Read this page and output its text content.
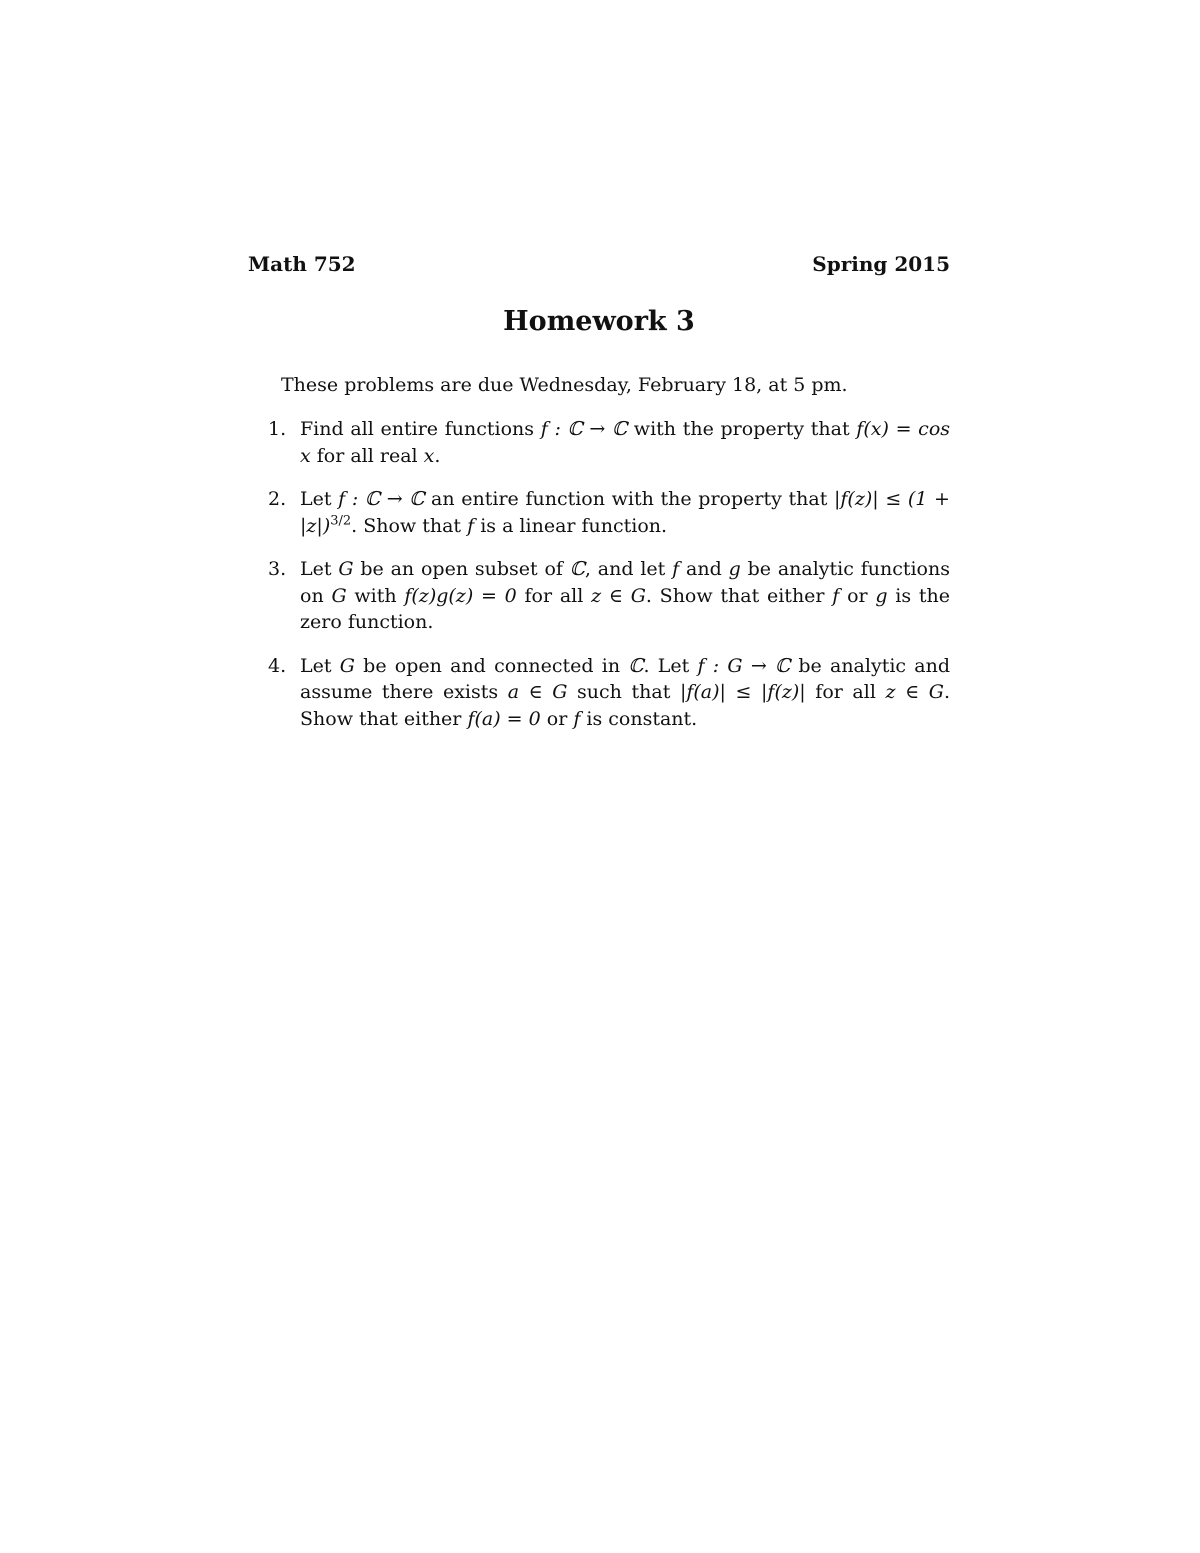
Math 752	Spring 2015
Homework 3
These problems are due Wednesday, February 18, at 5 pm.
1. Find all entire functions f : ℂ → ℂ with the property that f(x) = cos x for all real x.
2. Let f : ℂ → ℂ an entire function with the property that $|f(z)| \le (1 + |z|)^{3/2}$. Show that f is a linear function.
3. Let G be an open subset of ℂ, and let f and g be analytic functions on G with f(z)g(z) = 0 for all z ∈ G. Show that either f or g is the zero function.
4. Let G be open and connected in ℂ. Let f : G → ℂ be analytic and assume there exists a ∈ G such that |f(a)| ≤ |f(z)| for all z ∈ G. Show that either f(a) = 0 or f is constant.
